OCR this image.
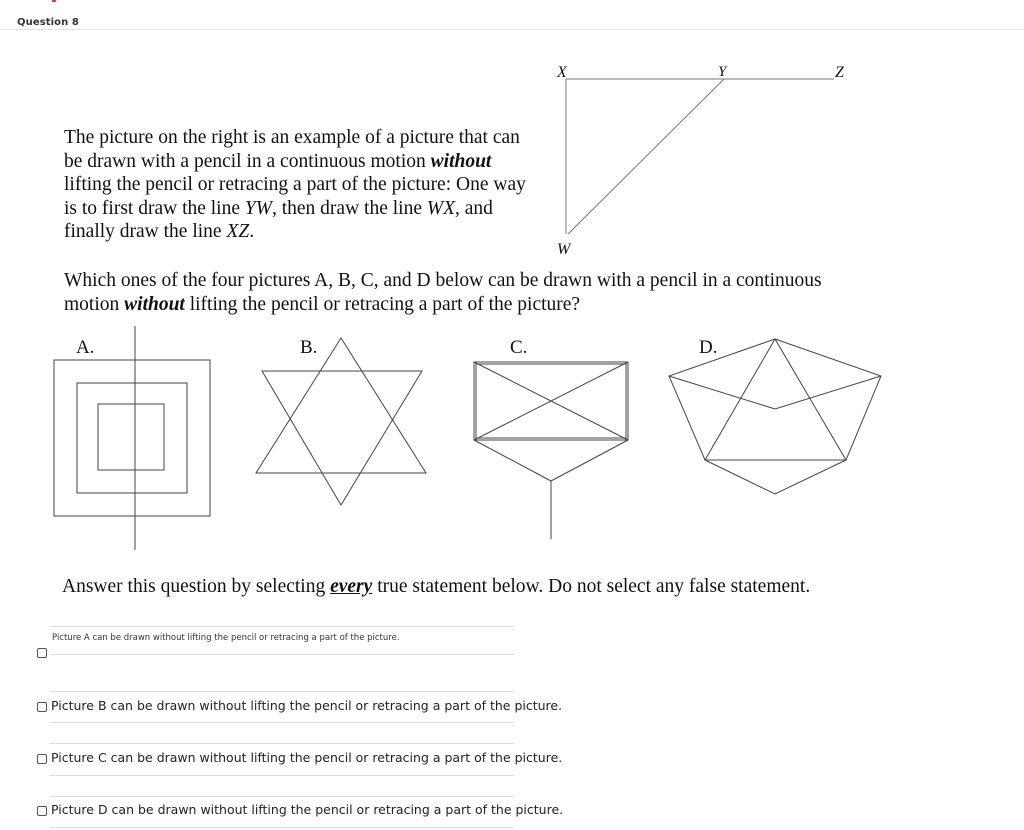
Question 8
The picture on the right is an example of a picture that can be drawn with a pencil in a continuous motion without lifting the pencil or retracing a part of the picture: One way is to first draw the line YW, then draw the line WX, and finally draw the line XZ.
Which ones of the four pictures A, B, C, and D below can be drawn with a pencil in a continuous motion without lifting the pencil or retracing a part of the picture?
X	Y	Z
W
A.	B.	C.	D.
Answer this question by selecting every true statement below. Do not select any false statement.
Picture A can be drawn without lifting the pencil or retracing a part of the picture.
Picture B can be drawn without lifting the pencil or retracing a part of the picture.
Picture C can be drawn without lifting the pencil or retracing a part of the picture.
Picture D can be drawn without lifting the pencil or retracing a part of the picture.
